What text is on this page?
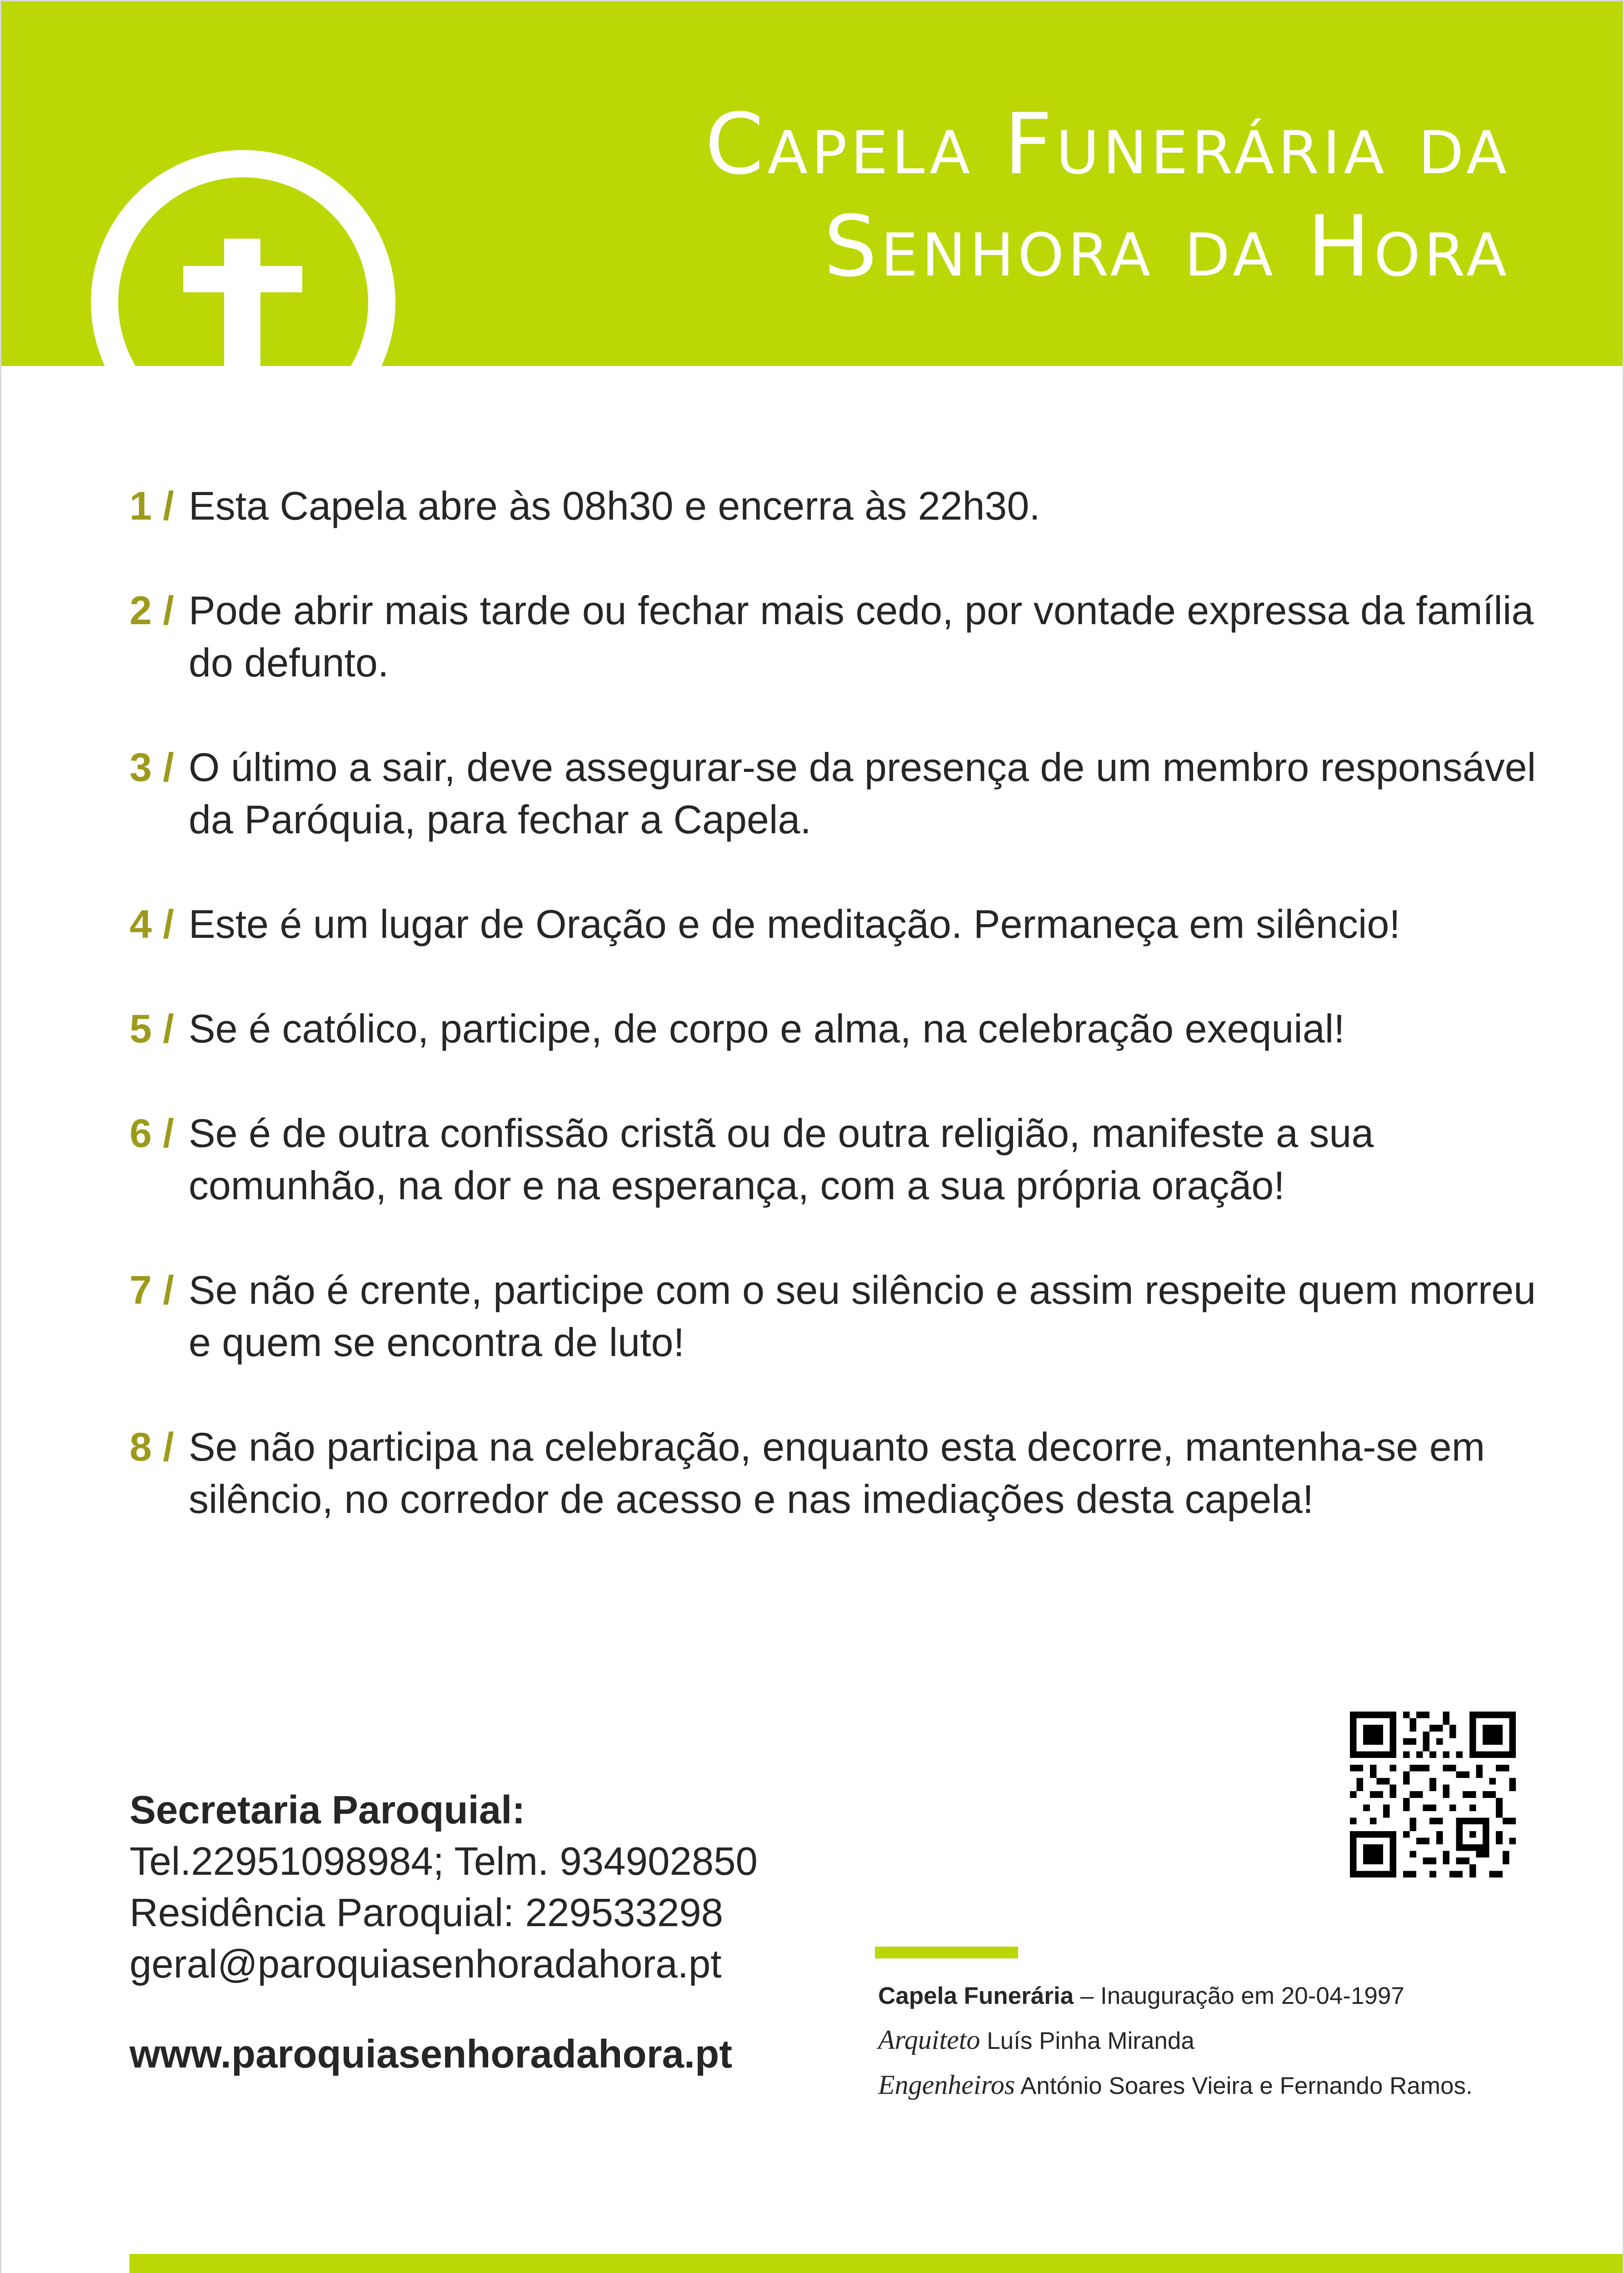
Capela Funerária da
Senhora da Hora
1 / Esta Capela abre às 08h30 e encerra às 22h30.
2 / Pode abrir mais tarde ou fechar mais cedo, por vontade expressa da família do defunto.
3 / O último a sair, deve assegurar-se da presença de um membro responsável da Paróquia, para fechar a Capela.
4 / Este é um lugar de Oração e de meditação. Permaneça em silêncio!
5 / Se é católico, participe, de corpo e alma, na celebração exequial!
6 / Se é de outra confissão cristã ou de outra religião, manifeste a sua comunhão, na dor e na esperança, com a sua própria oração!
7 / Se não é crente, participe com o seu silêncio e assim respeite quem morreu e quem se encontra de luto!
8 / Se não participa na celebração, enquanto esta decorre, mantenha-se em silêncio, no corredor de acesso e nas imediações desta capela!
Secretaria Paroquial:
Tel.22951098984; Telm. 934902850
Residência Paroquial: 229533298
geral@paroquiasenhoradahora.pt
www.paroquiasenhoradahora.pt
Capela Funerária – Inauguração em 20-04-1997
Arquiteto Luís Pinha Miranda
Engenheiros António Soares Vieira e Fernando Ramos.
